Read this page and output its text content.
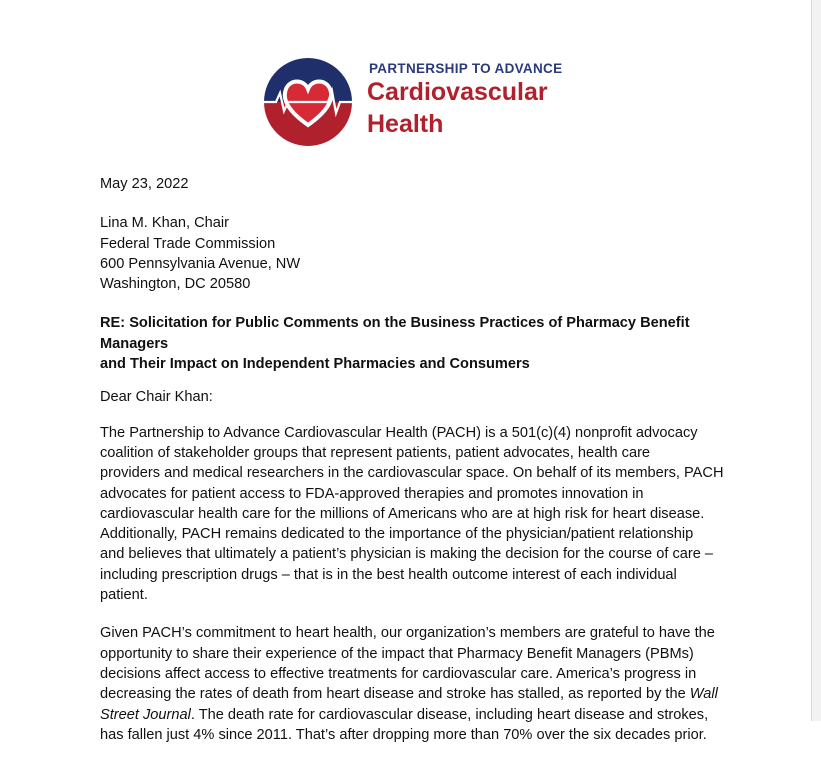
PARTNERSHIP TO ADVANCE
Cardiovascular
Health

May 23, 2022

Lina M. Khan, Chair

Federal Trade Commission

600 Pennsylvania Avenue, NW

Washington, DC 20580

RE: Solicitation for Public Comments on the Business Practices of Pharmacy Benefit Managers

and Their Impact on Independent Pharmacies and Consumers

Dear Chair Khan:

The Partnership to Advance Cardiovascular Health (PACH) is a 501(c)(4) nonprofit advocacy

coalition of stakeholder groups that represent patients, patient advocates, health care

providers and medical researchers in the cardiovascular space. On behalf of its members, PACH

advocates for patient access to FDA-approved therapies and promotes innovation in

cardiovascular health care for the millions of Americans who are at high risk for heart disease.

Additionally, PACH remains dedicated to the importance of the physician/patient relationship

and believes that ultimately a patient’s physician is making the decision for the course of care –

including prescription drugs – that is in the best health outcome interest of each individual

patient.

Given PACH’s commitment to heart health, our organization’s members are grateful to have the

opportunity to share their experience of the impact that Pharmacy Benefit Managers (PBMs)

decisions affect access to effective treatments for cardiovascular care. America’s progress in

decreasing the rates of death from heart disease and stroke has stalled, as reported by the Wall

Street Journal. The death rate for cardiovascular disease, including heart disease and strokes,

has fallen just 4% since 2011. That’s after dropping more than 70% over the six decades prior.
